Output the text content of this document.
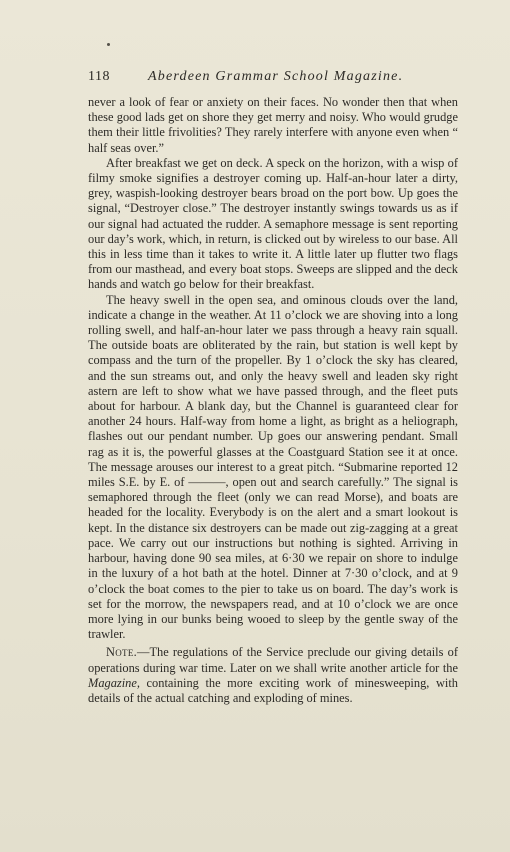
118	Aberdeen Grammar School Magazine.

never a look of fear or anxiety on their faces. No wonder then that when these good lads get on shore they get merry and noisy. Who would grudge them their little frivolities? They rarely interfere with anyone even when “ half seas over.”

After breakfast we get on deck. A speck on the horizon, with a wisp of filmy smoke signifies a destroyer coming up. Half-an-hour later a dirty, grey, waspish-looking destroyer bears broad on the port bow. Up goes the signal, “Destroyer close.” The destroyer instantly swings towards us as if our signal had actuated the rudder. A semaphore message is sent reporting our day’s work, which, in return, is clicked out by wireless to our base. All this in less time than it takes to write it. A little later up flutter two flags from our masthead, and every boat stops. Sweeps are slipped and the deck hands and watch go below for their breakfast.

The heavy swell in the open sea, and ominous clouds over the land, indicate a change in the weather. At 11 o’clock we are shoving into a long rolling swell, and half-an-hour later we pass through a heavy rain squall. The outside boats are obliterated by the rain, but station is well kept by compass and the turn of the propeller. By 1 o’clock the sky has cleared, and the sun streams out, and only the heavy swell and leaden sky right astern are left to show what we have passed through, and the fleet puts about for harbour. A blank day, but the Channel is guaranteed clear for another 24 hours. Half-way from home a light, as bright as a heliograph, flashes out our pendant number. Up goes our answering pendant. Small rag as it is, the powerful glasses at the Coastguard Station see it at once. The message arouses our interest to a great pitch. “Submarine reported 12 miles S.E. by E. of ———, open out and search carefully.” The signal is semaphored through the fleet (only we can read Morse), and boats are headed for the locality. Everybody is on the alert and a smart lookout is kept. In the distance six destroyers can be made out zig-zagging at a great pace. We carry out our instructions but nothing is sighted. Arriving in harbour, having done 90 sea miles, at 6·30 we repair on shore to indulge in the luxury of a hot bath at the hotel. Dinner at 7·30 o’clock, and at 9 o’clock the boat comes to the pier to take us on board. The day’s work is set for the morrow, the newspapers read, and at 10 o’clock we are once more lying in our bunks being wooed to sleep by the gentle sway of the trawler.

Note.—The regulations of the Service preclude our giving details of operations during war time. Later on we shall write another article for the Magazine, containing the more exciting work of minesweeping, with details of the actual catching and exploding of mines.
